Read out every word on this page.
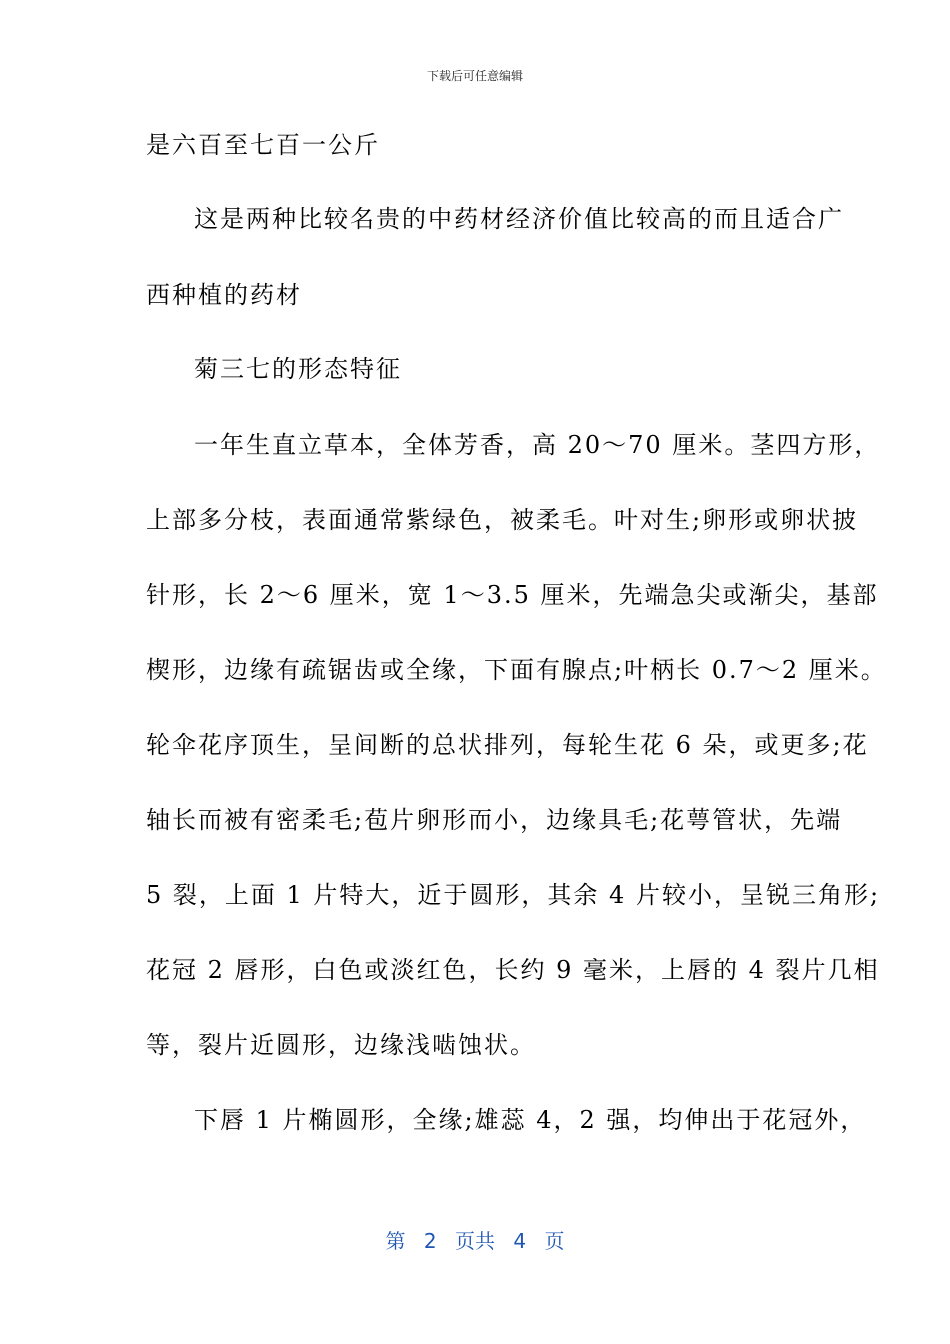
下载后可任意编辑
是六百至七百一公斤
这是两种比较名贵的中药材经济价值比较高的而且适合广
西种植的药材
菊三七的形态特征
一年生直立草本，全体芳香，高 20～70 厘米。茎四方形，
上部多分枝，表面通常紫绿色，被柔毛。叶对生;卵形或卵状披
针形，长 2～6 厘米，宽 1～3.5 厘米，先端急尖或渐尖，基部
楔形，边缘有疏锯齿或全缘，下面有腺点;叶柄长 0.7～2 厘米。
轮伞花序顶生，呈间断的总状排列，每轮生花 6 朵，或更多;花
轴长而被有密柔毛;苞片卵形而小，边缘具毛;花萼管状，先端
5 裂，上面 1 片特大，近于圆形，其余 4 片较小，呈锐三角形;
花冠 2 唇形，白色或淡红色，长约 9 毫米，上唇的 4 裂片几相
等，裂片近圆形，边缘浅啮蚀状。
下唇 1 片椭圆形，全缘;雄蕊 4，2 强，均伸出于花冠外，
第 2 页共 4 页
